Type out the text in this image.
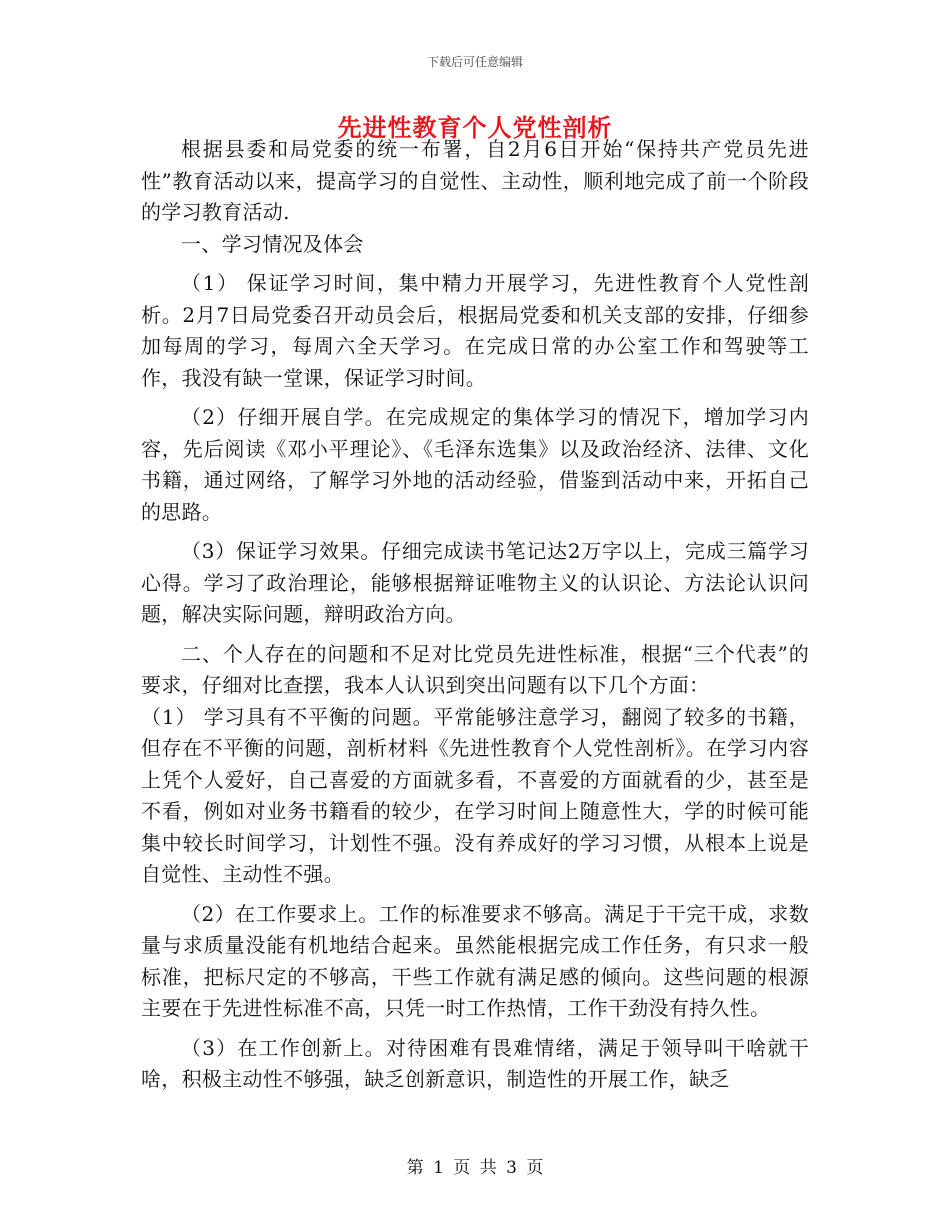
下载后可任意编辑
先进性教育个人党性剖析

根据县委和局党委的统一布署，自2月6日开始“保持共产党员先进性”教育活动以来，提高学习的自觉性、主动性，顺利地完成了前一个阶段的学习教育活动.

一、学习情况及体会

（1） 保证学习时间，集中精力开展学习，先进性教育个人党性剖析。2月7日局党委召开动员会后，根据局党委和机关支部的安排，仔细参加每周的学习，每周六全天学习。在完成日常的办公室工作和驾驶等工作，我没有缺一堂课，保证学习时间。

（2）仔细开展自学。在完成规定的集体学习的情况下，增加学习内容，先后阅读《邓小平理论》、《毛泽东选集》以及政治经济、法律、文化书籍，通过网络，了解学习外地的活动经验，借鉴到活动中来，开拓自己的思路。

（3）保证学习效果。仔细完成读书笔记达2万字以上，完成三篇学习心得。学习了政治理论，能够根据辩证唯物主义的认识论、方法论认识问题，解决实际问题，辩明政治方向。

二、个人存在的问题和不足对比党员先进性标准，根据“三个代表”的要求，仔细对比查摆，我本人认识到突出问题有以下几个方面：

（1） 学习具有不平衡的问题。平常能够注意学习，翻阅了较多的书籍，但存在不平衡的问题，剖析材料《先进性教育个人党性剖析》。在学习内容上凭个人爱好，自己喜爱的方面就多看，不喜爱的方面就看的少，甚至是不看，例如对业务书籍看的较少，在学习时间上随意性大，学的时候可能集中较长时间学习，计划性不强。没有养成好的学习习惯，从根本上说是自觉性、主动性不强。

（2）在工作要求上。工作的标准要求不够高。满足于干完干成，求数量与求质量没能有机地结合起来。虽然能根据完成工作任务，有只求一般标准，把标尺定的不够高，干些工作就有满足感的倾向。这些问题的根源主要在于先进性标准不高，只凭一时工作热情，工作干劲没有持久性。

（3）在工作创新上。对待困难有畏难情绪，满足于领导叫干啥就干啥，积极主动性不够强，缺乏创新意识，制造性的开展工作，缺乏

第 1 页 共 3 页
